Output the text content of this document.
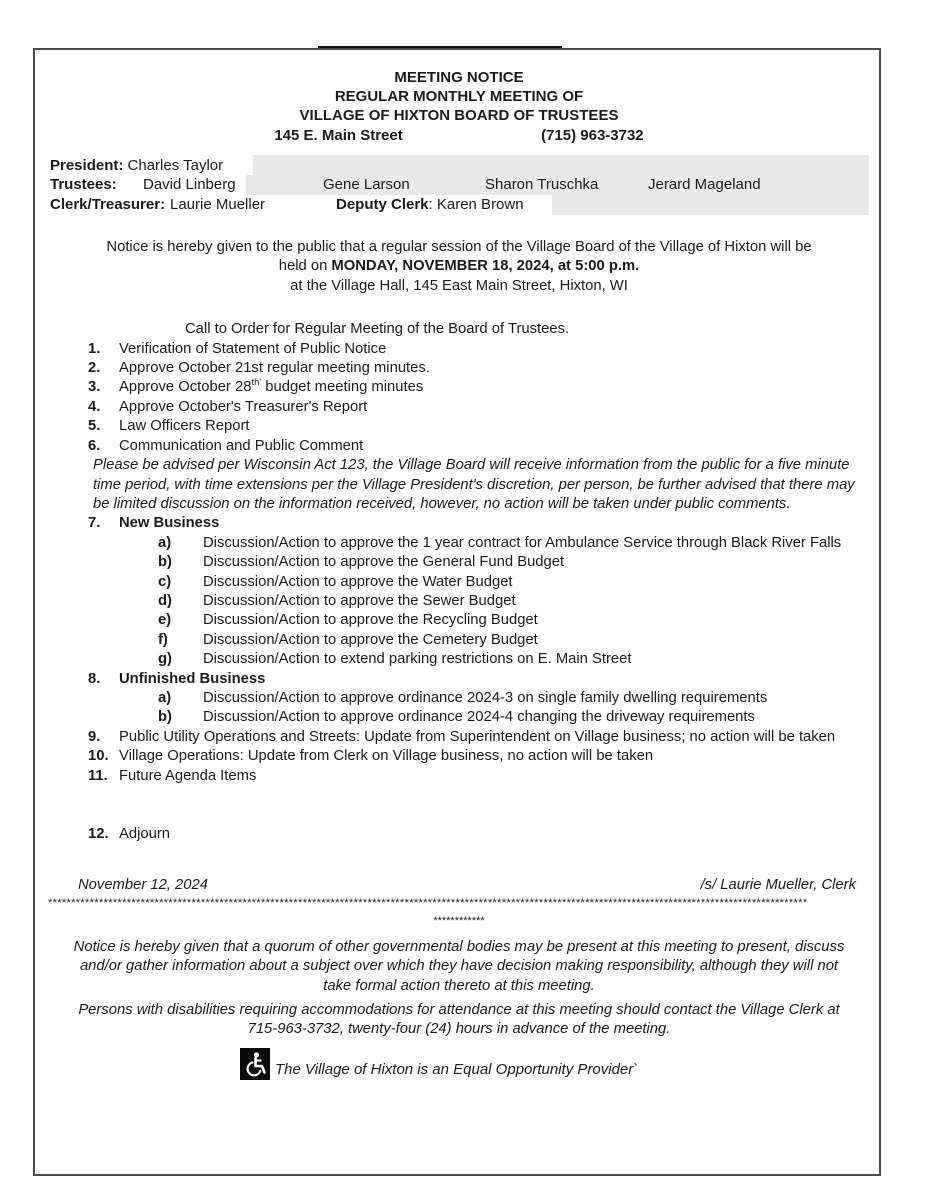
MEETING NOTICE
REGULAR MONTHLY MEETING OF
VILLAGE OF HIXTON BOARD OF TRUSTEES
145 E. Main Street	(715) 963-3732
President: Charles Taylor
Trustees:	David Linberg	Gene Larson	Sharon Truschka	Jerard Mageland
Clerk/Treasurer: Laurie Mueller	Deputy Clerk : Karen Brown
Notice is hereby given to the public that a regular session of the Village Board of the Village of Hixton will be
held on MONDAY, NOVEMBER 18, 2024, at 5:00 p.m.
at the Village Hall, 145 East Main Street, Hixton, WI
Call to Order for Regular Meeting of the Board of Trustees.
1.	Verification of Statement of Public Notice
2.	Approve October 21st regular meeting minutes.
3.	Approve October $28^{th'}$ budget meeting minutes
4.	Approve October's Treasurer's Report
5.	Law Officers Report
6.	Communication and Public Comment
Please be advised per Wisconsin Act 123, the Village Board will receive information from the public for a five minute time period, with time extensions per the Village President's discretion, per person, be further advised that there may be limited discussion on the information received, however, no action will be taken under public comments.
7.	New Business
a)	Discussion/Action to approve the 1 year contract for Ambulance Service through Black River Falls
b)	Discussion/Action to approve the General Fund Budget
c)	Discussion/Action to approve the Water Budget
d)	Discussion/Action to approve the Sewer Budget
e)	Discussion/Action to approve the Recycling Budget
f)	Discussion/Action to approve the Cemetery Budget
g)	Discussion/Action to extend parking restrictions on E. Main Street
8.	Unfinished Business
a)	Discussion/Action to approve ordinance 2024-3 on single family dwelling requirements
b)	Discussion/Action to approve ordinance 2024-4 changing the driveway requirements
9.	Public Utility Operations and Streets: Update from Superintendent on Village business; no action will be taken
10. Village Operations: Update from Clerk on Village business, no action will be taken
11. Future Agenda Items
12. Adjourn
November 12, 2024	/s/ Laurie Mueller, Clerk
********************************************************************************************************************************************************************
************
Notice is hereby given that a quorum of other governmental bodies may be present at this meeting to present, discuss and/or gather information about a subject over which they have decision making responsibility, although they will not take formal action thereto at this meeting.
Persons with disabilities requiring accommodations for attendance at this meeting should contact the Village Clerk at 715-963-3732, twenty-four (24) hours in advance of the meeting.
The Village of Hixton is an Equal Opportunity Provider`
